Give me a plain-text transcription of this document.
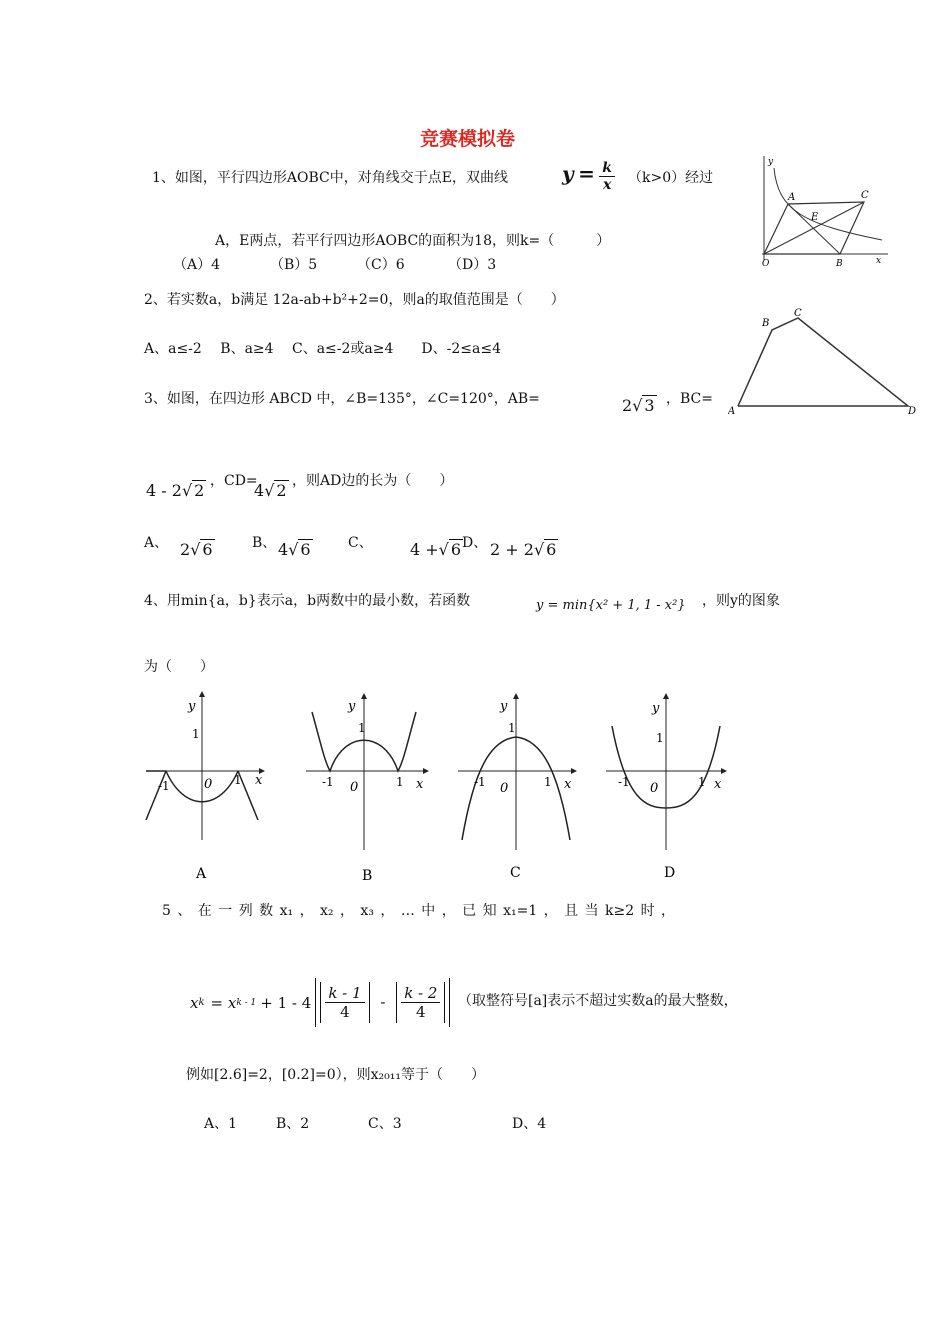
竞赛模拟卷
1、如图，平行四边形AOBC中，对角线交于点E，双曲线	$y = \frac{k}{x} (k>0)$经过
A，E两点，若平行四边形AOBC的面积为18，则k=（　　　）
（A）4	（B）5	（C）6	（D）3
A	C
E
O	B	x
y
2、若实数a，b满足 12a-ab+b²+2=0，则a的取值范围是（　　）
A、a≤-2　 B、a≥4　 C、a≤-2或a≥4　　D、-2≤a≤4
A
B
C
D
3、如图，在四边形 ABCD 中，∠B=135°，∠C=120°，AB=	2√ 3 ，BC=
4 - 2√ 2 ，CD=
4√ 2 ，则AD边的长为（　　）
A、 2√ 6	B、 4√ 6	C、 4 +√ 6 D、 2 + 2√ 6
4、用min{a，b}表示a，b两数中的最小数，若函数	y = min{x² + 1, 1 - x²} ，则y的图象
为（　　）
y
x
1
-1	1
0
A
y
x
1
-1	1
0
B
y
x
1
-1	1
0
C
y
x
1
-1	1
0
D
5 、 在 一 列 数 x₁ ， x₂ ， x₃ ， … 中 ， 已 知 x₁=1 ， 且 当 k≥2 时 ，
x k = x $k - 1 + 1 - 4 \frac{k - 1}{4} - \frac{k - 2}{4}$ （取整符号[a]表示不超过实数a的最大整数，
例如[2.6]=2，[0.2]=0），则x₂₀₁₁等于（　　）
A、1	B、2	C、3	D、4
